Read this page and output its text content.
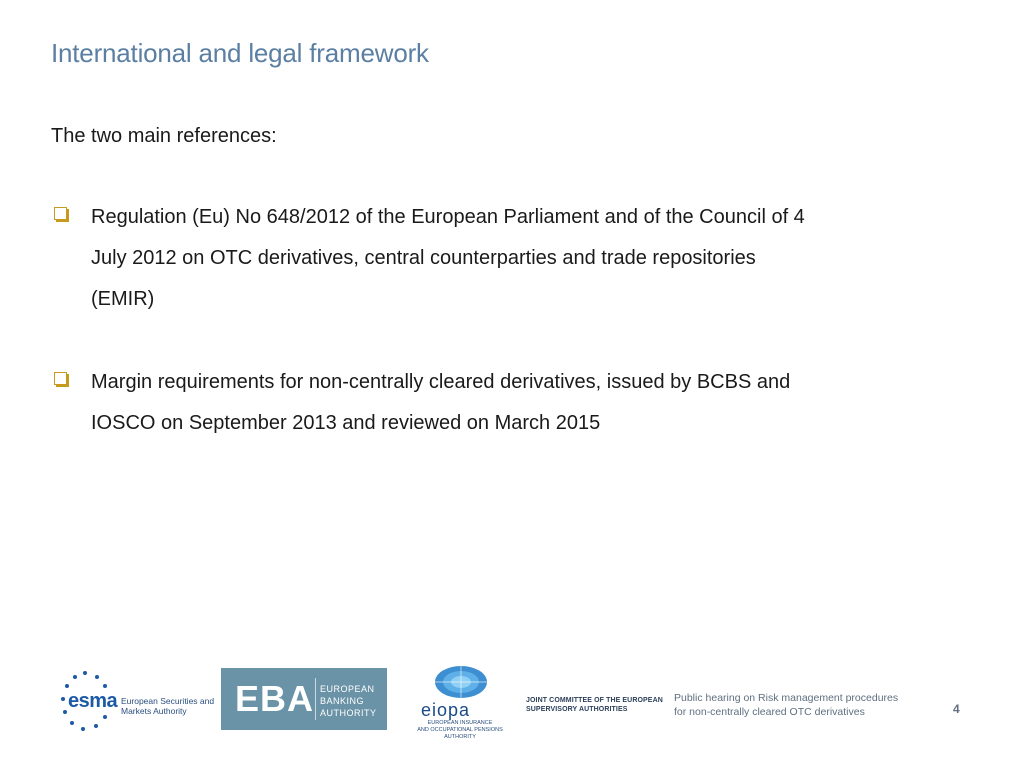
International and legal framework
The two main references:
Regulation (Eu) No 648/2012 of the European Parliament and of the Council of 4 July 2012 on OTC derivatives, central counterparties and trade repositories (EMIR)
Margin requirements for non-centrally cleared derivatives, issued by BCBS and IOSCO on September 2013 and reviewed on March 2015
esma European Securities and
Markets Authority	EBA EUROPEAN
BANKING
AUTHORITY eiopa
EUROPEAN INSURANCE
AND OCCUPATIONAL PENSIONS AUTHORITY
JOINT COMMITTEE OF THE EUROPEAN
SUPERVISORY AUTHORITIES
Public hearing on Risk management procedures
for non-centrally cleared OTC derivatives	4
